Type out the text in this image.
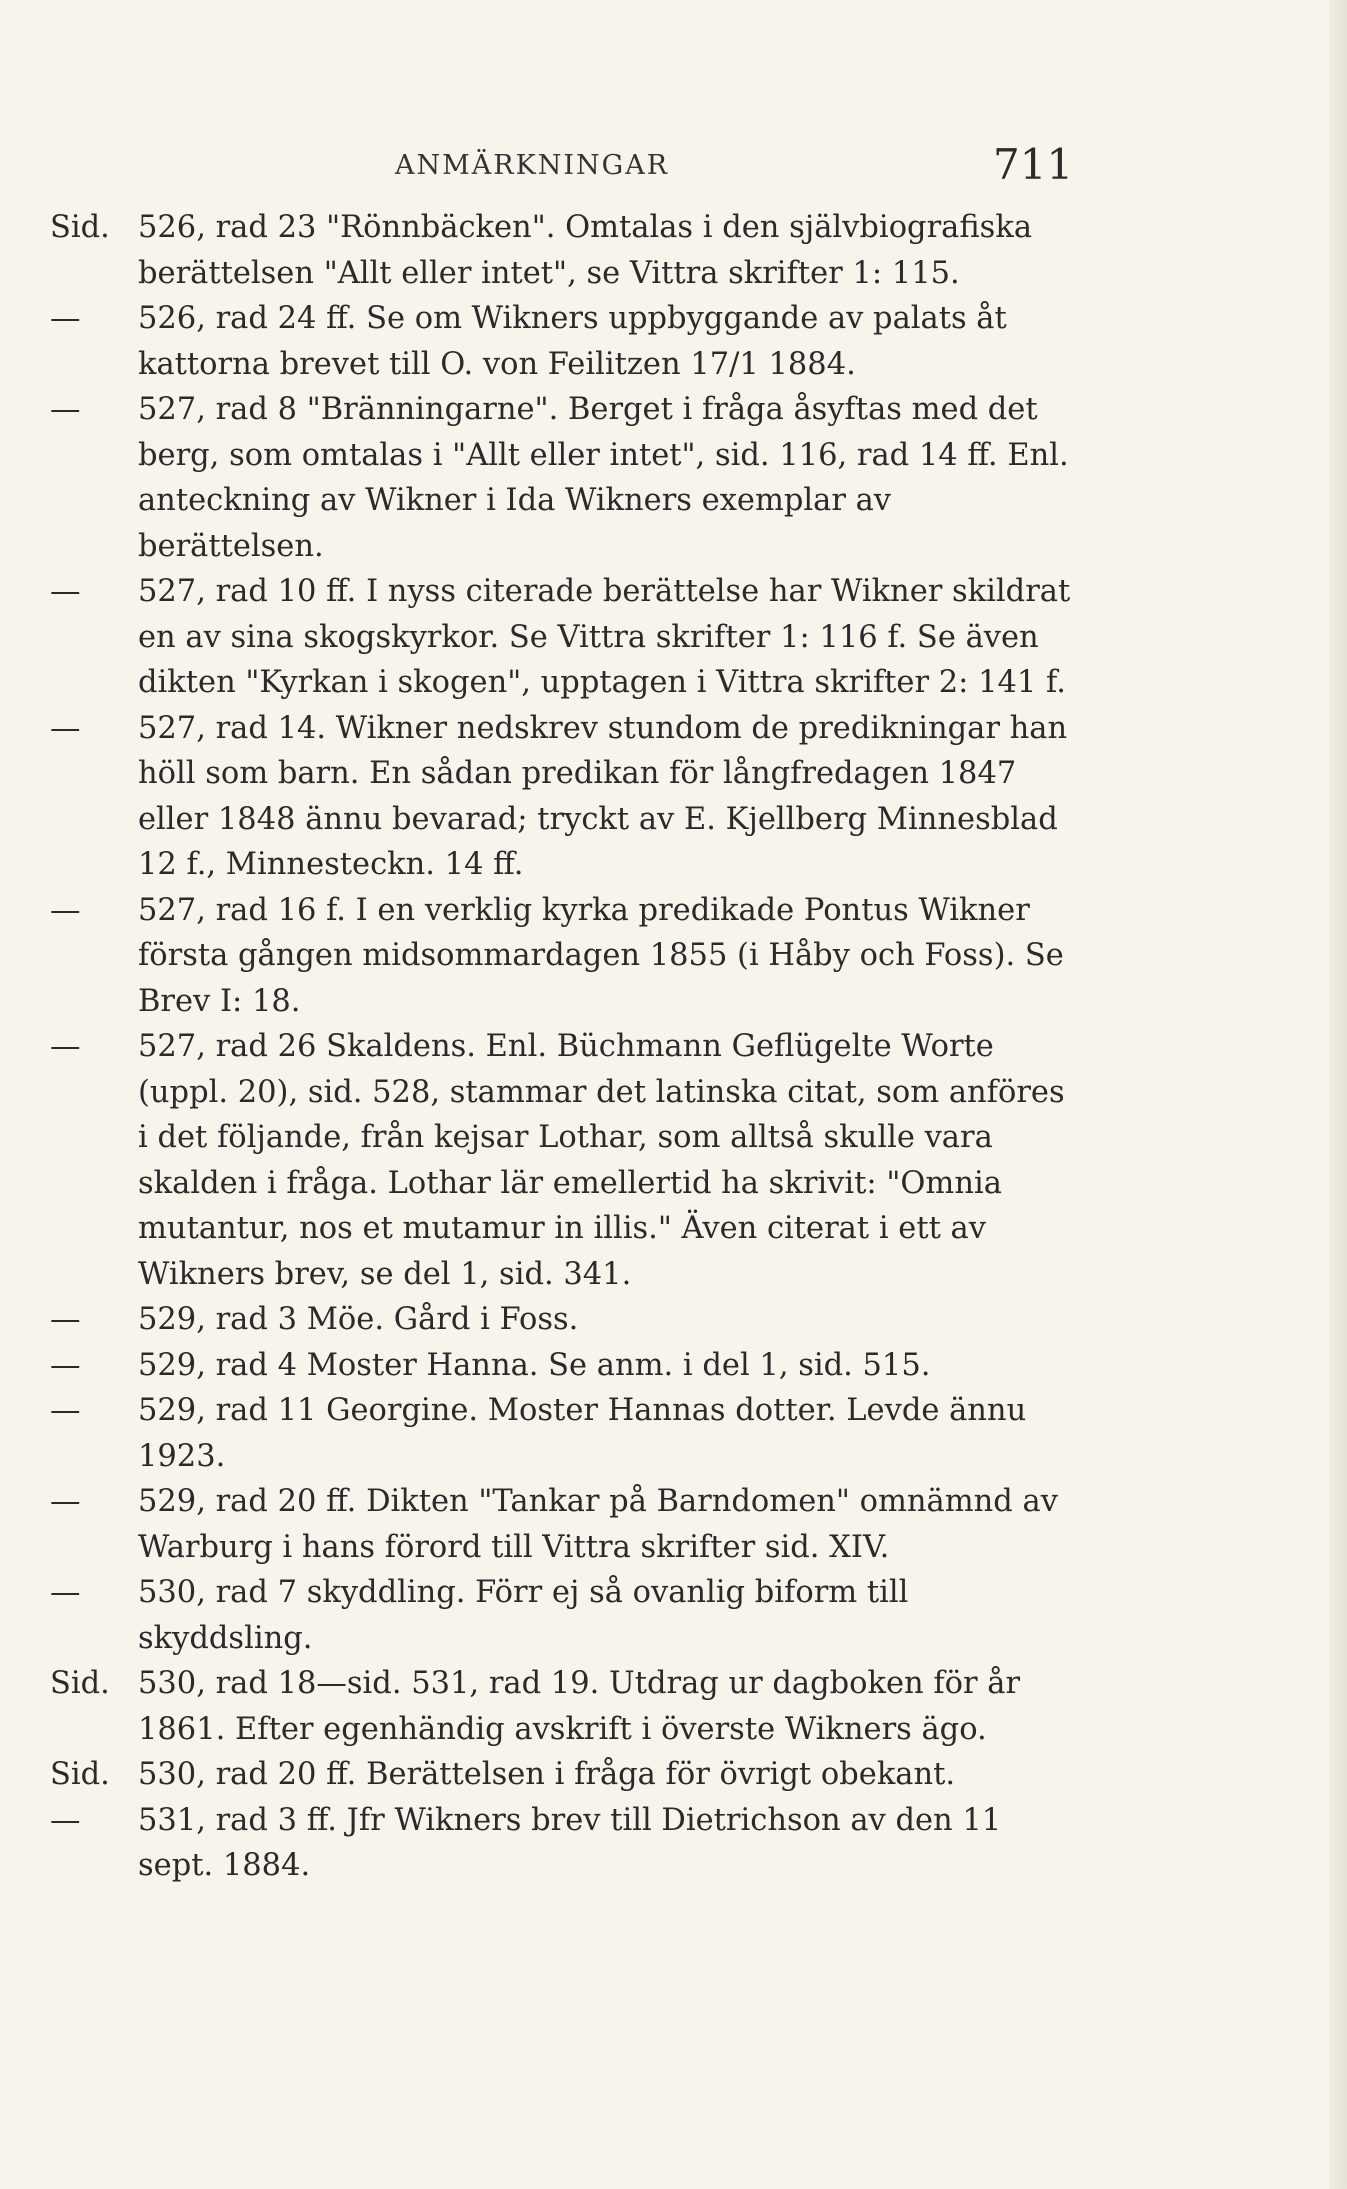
ANMÄRKNINGAR	711
Sid. 526, rad 23 "Rönnbäcken". Omtalas i den självbiografiska berättelsen "Allt eller intet", se Vittra skrifter 1: 115.
—	526, rad 24 ff. Se om Wikners uppbyggande av palats åt kattorna brevet till O. von Feilitzen 17/1 1884.
—	527, rad 8 "Bränningarne". Berget i fråga åsyftas med det berg, som omtalas i "Allt eller intet", sid. 116, rad 14 ff. Enl. anteckning av Wikner i Ida Wikners exemplar av berättelsen.
—	527, rad 10 ff. I nyss citerade berättelse har Wikner skildrat en av sina skogskyrkor. Se Vittra skrifter 1: 116 f. Se även dikten "Kyrkan i skogen", upptagen i Vittra skrifter 2: 141 f.
—	527, rad 14. Wikner nedskrev stundom de predikningar han höll som barn. En sådan predikan för långfredagen 1847 eller 1848 ännu bevarad; tryckt av E. Kjellberg Minnesblad 12 f., Minnesteckn. 14 ff.
—	527, rad 16 f. I en verklig kyrka predikade Pontus Wikner första gången midsommardagen 1855 (i Håby och Foss). Se Brev I: 18.
—	527, rad 26 Skaldens. Enl. Büchmann Geflügelte Worte (uppl. 20), sid. 528, stammar det latinska citat, som anföres i det följande, från kejsar Lothar, som alltså skulle vara skalden i fråga. Lothar lär emellertid ha skrivit: "Omnia mutantur, nos et mutamur in illis." Även citerat i ett av Wikners brev, se del 1, sid. 341.
—	529, rad 3 Möe. Gård i Foss.
—	529, rad 4 Moster Hanna. Se anm. i del 1, sid. 515.
—	529, rad 11 Georgine. Moster Hannas dotter. Levde ännu 1923.
—	529, rad 20 ff. Dikten "Tankar på Barndomen" omnämnd av Warburg i hans förord till Vittra skrifter sid. XIV.
—	530, rad 7 skyddling. Förr ej så ovanlig biform till skyddsling.
Sid. 530, rad 18—sid. 531, rad 19. Utdrag ur dagboken för år 1861. Efter egenhändig avskrift i överste Wikners ägo.
Sid. 530, rad 20 ff. Berättelsen i fråga för övrigt obekant.
—	531, rad 3 ff. Jfr Wikners brev till Dietrichson av den 11 sept. 1884.
